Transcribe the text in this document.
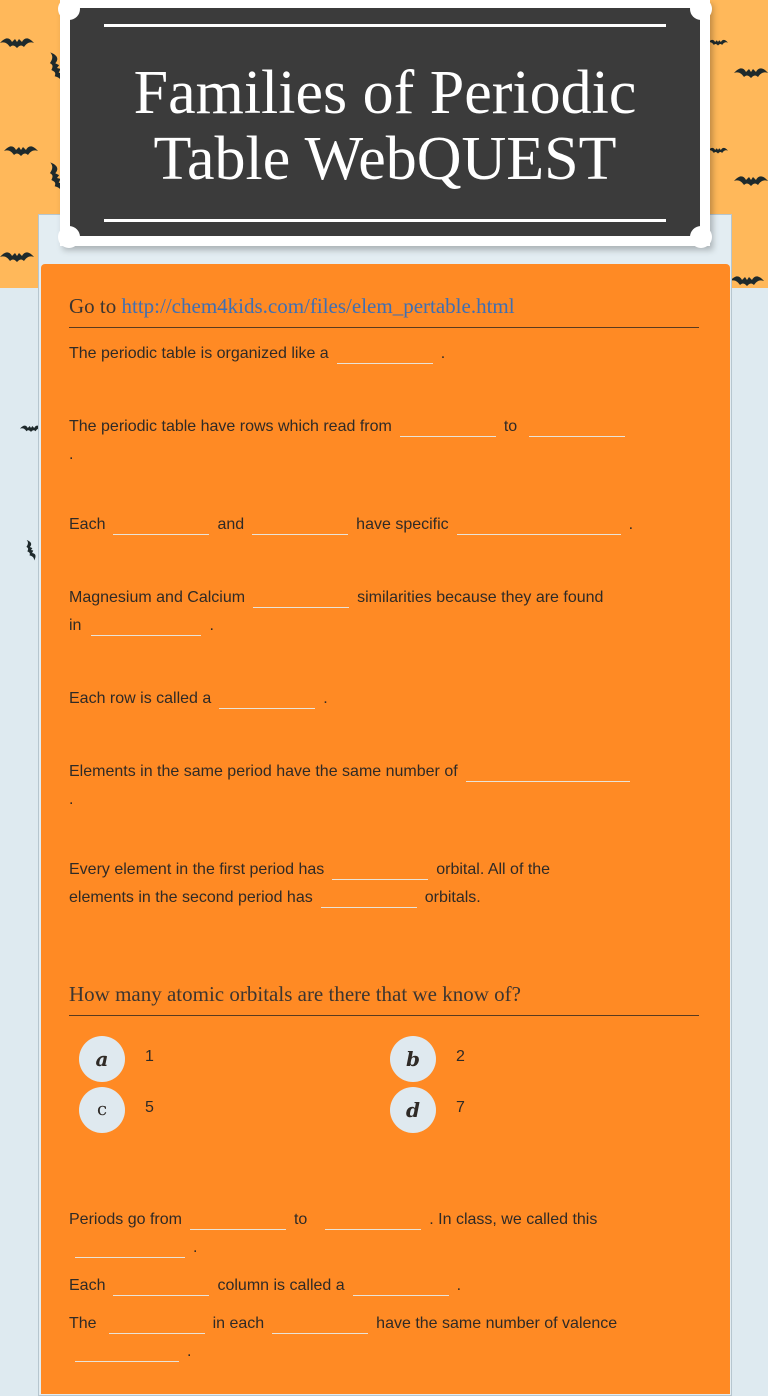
Families of Periodic
Table WebQUEST
Go to http://chem4kids.com/files/elem_pertable.html
The periodic table is organized like a	.
The periodic table have rows which read from	to
.
Each	and	have specific	.
Magnesium and Calcium	similarities because they are found
in	.
Each row is called a	.
Elements in the same period have the same number of
.
Every element in the first period has	orbital. All of the
elements in the second period has	orbitals.
How many atomic orbitals are there that we know of?
a	1	b	2
c	5	d	7
Periods go from	to	. In class, we called this
.
Each	column is called a	.
The	in each	have the same number of valence
.
